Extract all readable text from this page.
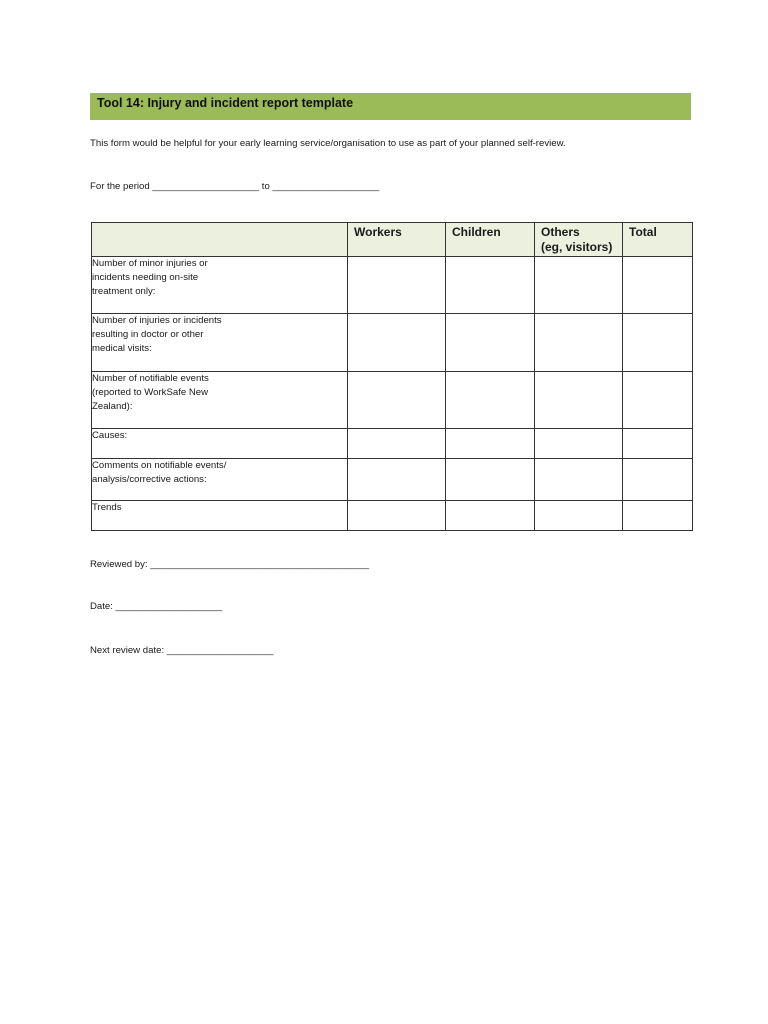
Tool 14: Injury and incident report template
This form would be helpful for your early learning service/organisation to use as part of your planned self-review.
For the period ____________________ to ____________________
	Workers	Children	Others
(eg, visitors)	Total

Number of minor injuries or
incidents needing on-site
treatment only:				

Number of injuries or incidents
resulting in doctor or other
medical visits:				

Number of notifiable events
(reported to WorkSafe New
Zealand):				

Causes:				

Comments on notifiable events/
analysis/corrective actions:				

Trends				

Reviewed by: _________________________________________
Date: ____________________
Next review date: ____________________
